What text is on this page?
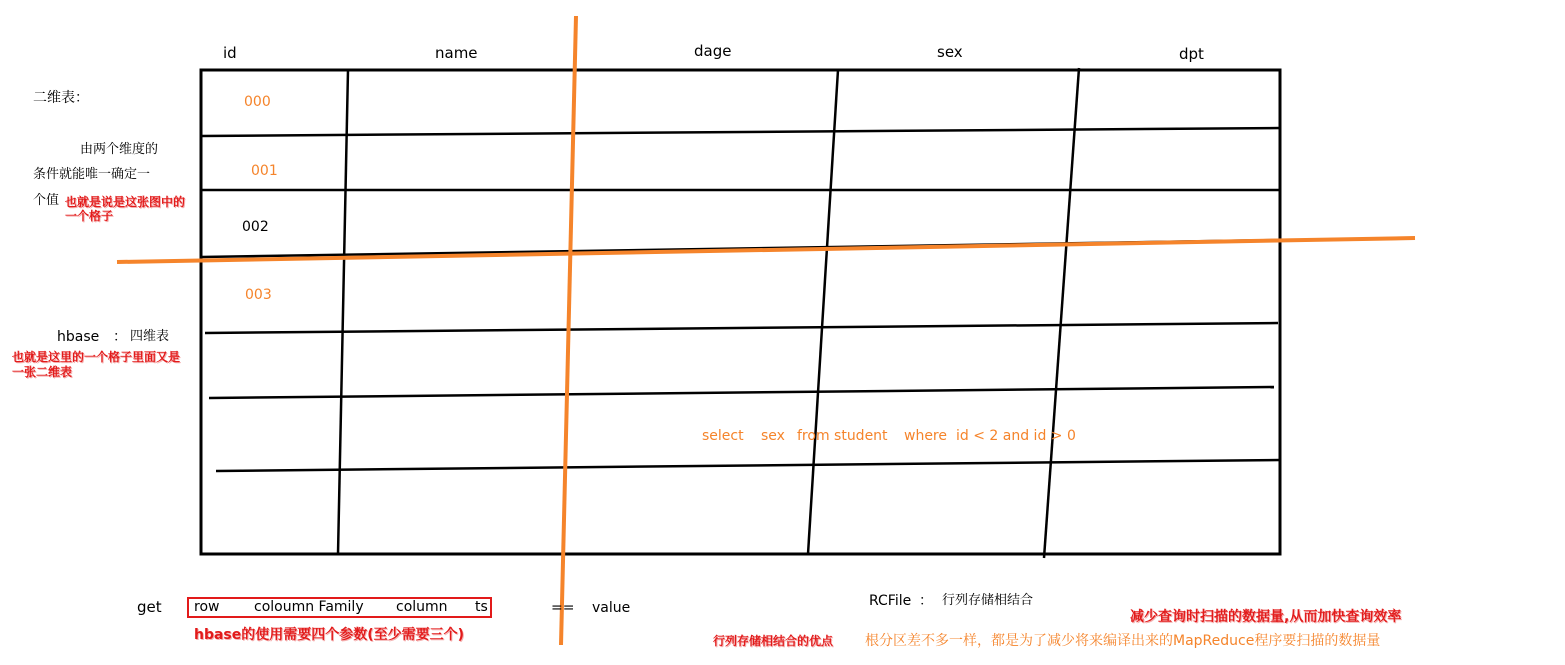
id	name	dage	sex	dpt
000
001
002
003
二维表：
由两个维度的
条件就能唯一确定一
个值 也就是说是这张图中的
一个格子
hbase ： 四维表
也就是这里的一个格子里面又是
一张二维表
select sex from student where id < 2 and id > 0
get row coloumn Family column ts	== value
hbase的使用需要四个参数(至少需要三个)
RCFile ： 行列存储相结合
减少查询时扫描的数据量,从而加快查询效率
行列存储相结合的优点 根分区差不多一样，都是为了减少将来编译出来的MapReduce程序要扫描的数据量
